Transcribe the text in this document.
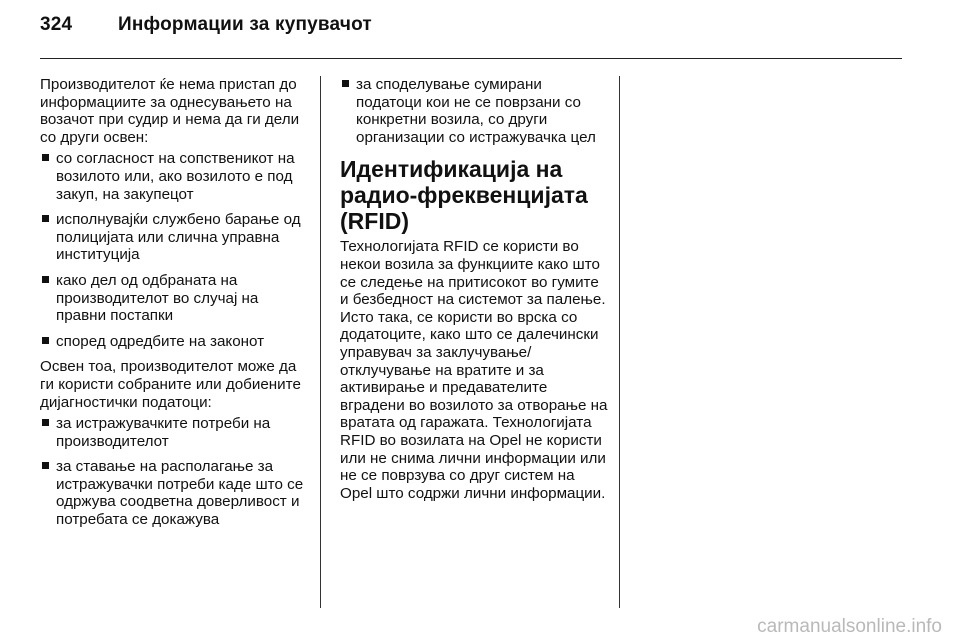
324 Информации за купувачот

Производителот ќе нема пристап до информациите за однесувањето на возачот при судир и нема да ги дели со други освен:

со согласност на сопственикот на возилото или, ако возилото е под закуп, на закупецот
исполнувајќи службено барање од полицијата или слична управна институција
како дел од одбраната на производителот во случај на правни постапки
според одредбите на законот

Освен тоа, производителот може да ги користи собраните или добиените дијагностички податоци:

за истражувачките потреби на производителот
за ставање на располагање за истражувачки потреби каде што се одржува соодветна доверливост и потребата се докажува
за споделување сумирани податоци кои не се поврзани со конкретни возила, со други организации со истражувачка цел
Идентификација на радио-фреквенцијата (RFID)

Технологијата RFID се користи во некои возила за функциите како што се следење на притисокот во гумите и безбедност на системот за палење. Исто така, се користи во врска со додатоците, како што се далечински управувач за заклучување/отклучување на вратите и за активирање и предавателите вградени во возилото за отворање на вратата од гаражата. Технологијата RFID во возилата на Opel не користи или не снима лични информации или не се поврзува со друг систем на Opel што содржи лични информации.

carmanualsonline.info
